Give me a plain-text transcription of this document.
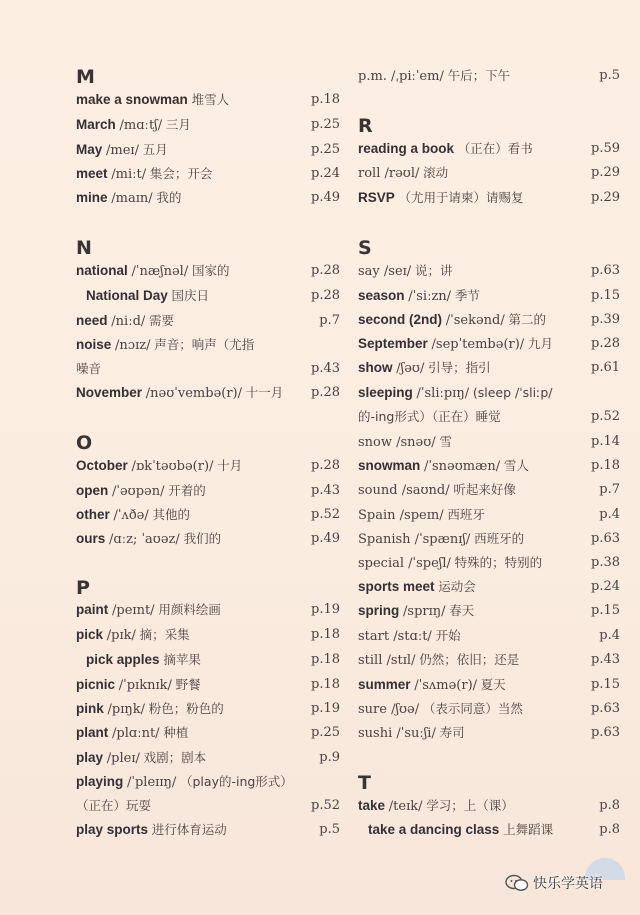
M
make a snowman 堆雪人	p.18
March /mɑːtʃ/ 三月	p.25
May /meɪ/ 五月	p.25
meet /miːt/ 集会；开会	p.24
mine /maɪn/ 我的	p.49
N
national /ˈnæʃnəl/ 国家的	p.28
National Day 国庆日	p.28
need /niːd/ 需要	p.7
noise /nɔɪz/ 声音；响声（尤指
噪音	p.43
November /nəʊˈvembə(r)/ 十一月 p.28
O
October /ɒkˈtəʊbə(r)/ 十月	p.28
open /ˈəʊpən/ 开着的	p.43
other /ˈʌðə/ 其他的	p.52
ours /ɑːz; ˈaʊəz/ 我们的	p.49
P
paint /peɪnt/ 用颜料绘画	p.19
pick /pɪk/ 摘；采集	p.18
pick apples 摘苹果	p.18
picnic /ˈpɪknɪk/ 野餐	p.18
pink /pɪŋk/ 粉色；粉色的	p.19
plant /plɑːnt/ 种植	p.25
play /pleɪ/ 戏剧；剧本	p.9
playing /ˈpleɪɪŋ/ （play的-ing形式）
（正在）玩耍	p.52
play sports 进行体育运动	p.5
p.m. /ˌpiːˈem/ 午后；下午	p.5
R
reading a book （正在）看书	p.59
roll /rəʊl/ 滚动	p.29
RSVP （尤用于请柬）请赐复	p.29
S
say /seɪ/ 说；讲	p.63
season /ˈsiːzn/ 季节	p.15
second (2nd) /ˈsekənd/ 第二的	p.39
September /sepˈtembə(r)/ 九月	p.28
show /ʃəʊ/ 引导；指引	p.61
sleeping /ˈsliːpɪŋ/ (sleep /ˈsliːp/
的-ing形式）（正在）睡觉	p.52
snow /snəʊ/ 雪	p.14
snowman /ˈsnəʊmæn/ 雪人	p.18
sound /saʊnd/ 听起来好像	p.7
Spain /speɪn/ 西班牙	p.4
Spanish /ˈspænɪʃ/ 西班牙的	p.63
special /ˈspeʃl/ 特殊的；特别的	p.38
sports meet 运动会	p.24
spring /sprɪŋ/ 春天	p.15
start /stɑːt/ 开始	p.4
still /stɪl/ 仍然；依旧；还是	p.43
summer /ˈsʌmə(r)/ 夏天	p.15
sure /ʃʊə/ （表示同意）当然	p.63
sushi /ˈsuːʃi/ 寿司	p.63
T
take /teɪk/ 学习；上（课）	p.8
take a dancing class 上舞蹈课	p.8
快乐学英语
